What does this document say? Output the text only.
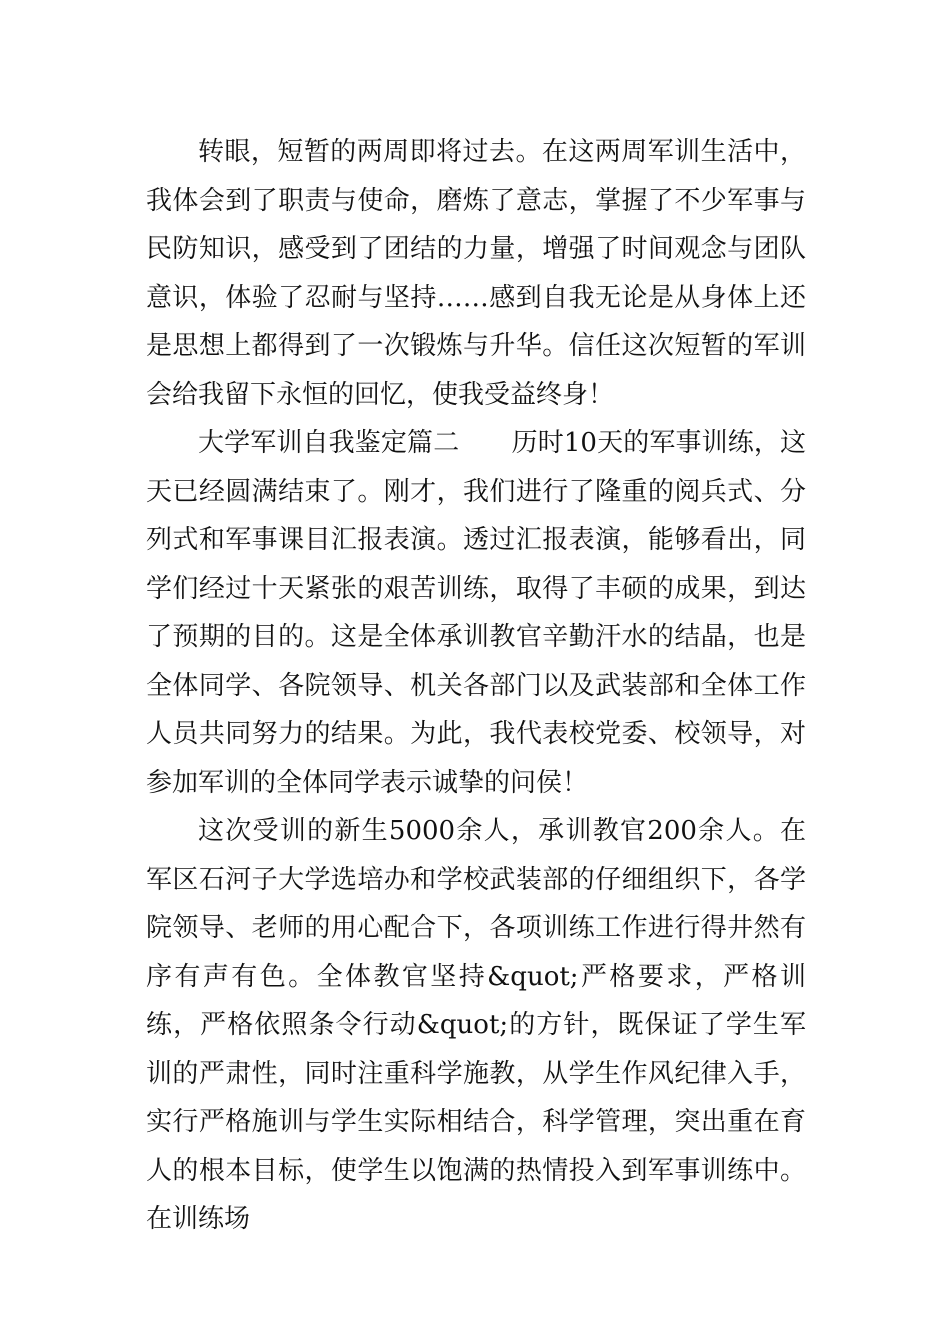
转眼，短暂的两周即将过去。在这两周军训生活中，我体会到了职责与使命，磨炼了意志，掌握了不少军事与民防知识，感受到了团结的力量，增强了时间观念与团队意识，体验了忍耐与坚持……感到自我无论是从身体上还是思想上都得到了一次锻炼与升华。信任这次短暂的军训会给我留下永恒的回忆，使我受益终身！

大学军训自我鉴定篇二　　历时10天的军事训练，这天已经圆满结束了。刚才，我们进行了隆重的阅兵式、分列式和军事课目汇报表演。透过汇报表演，能够看出，同学们经过十天紧张的艰苦训练，取得了丰硕的成果，到达了预期的目的。这是全体承训教官辛勤汗水的结晶，也是全体同学、各院领导、机关各部门以及武装部和全体工作人员共同努力的结果。为此，我代表校党委、校领导，对参加军训的全体同学表示诚挚的问侯！

这次受训的新生5000余人，承训教官200余人。在军区石河子大学选培办和学校武装部的仔细组织下，各学院领导、老师的用心配合下，各项训练工作进行得井然有序有声有色。全体教官坚持&quot;严格要求，严格训练，严格依照条令行动&quot;的方针，既保证了学生军训的严肃性，同时注重科学施教，从学生作风纪律入手，实行严格施训与学生实际相结合，科学管理，突出重在育人的根本目标，使学生以饱满的热情投入到军事训练中。在训练场
